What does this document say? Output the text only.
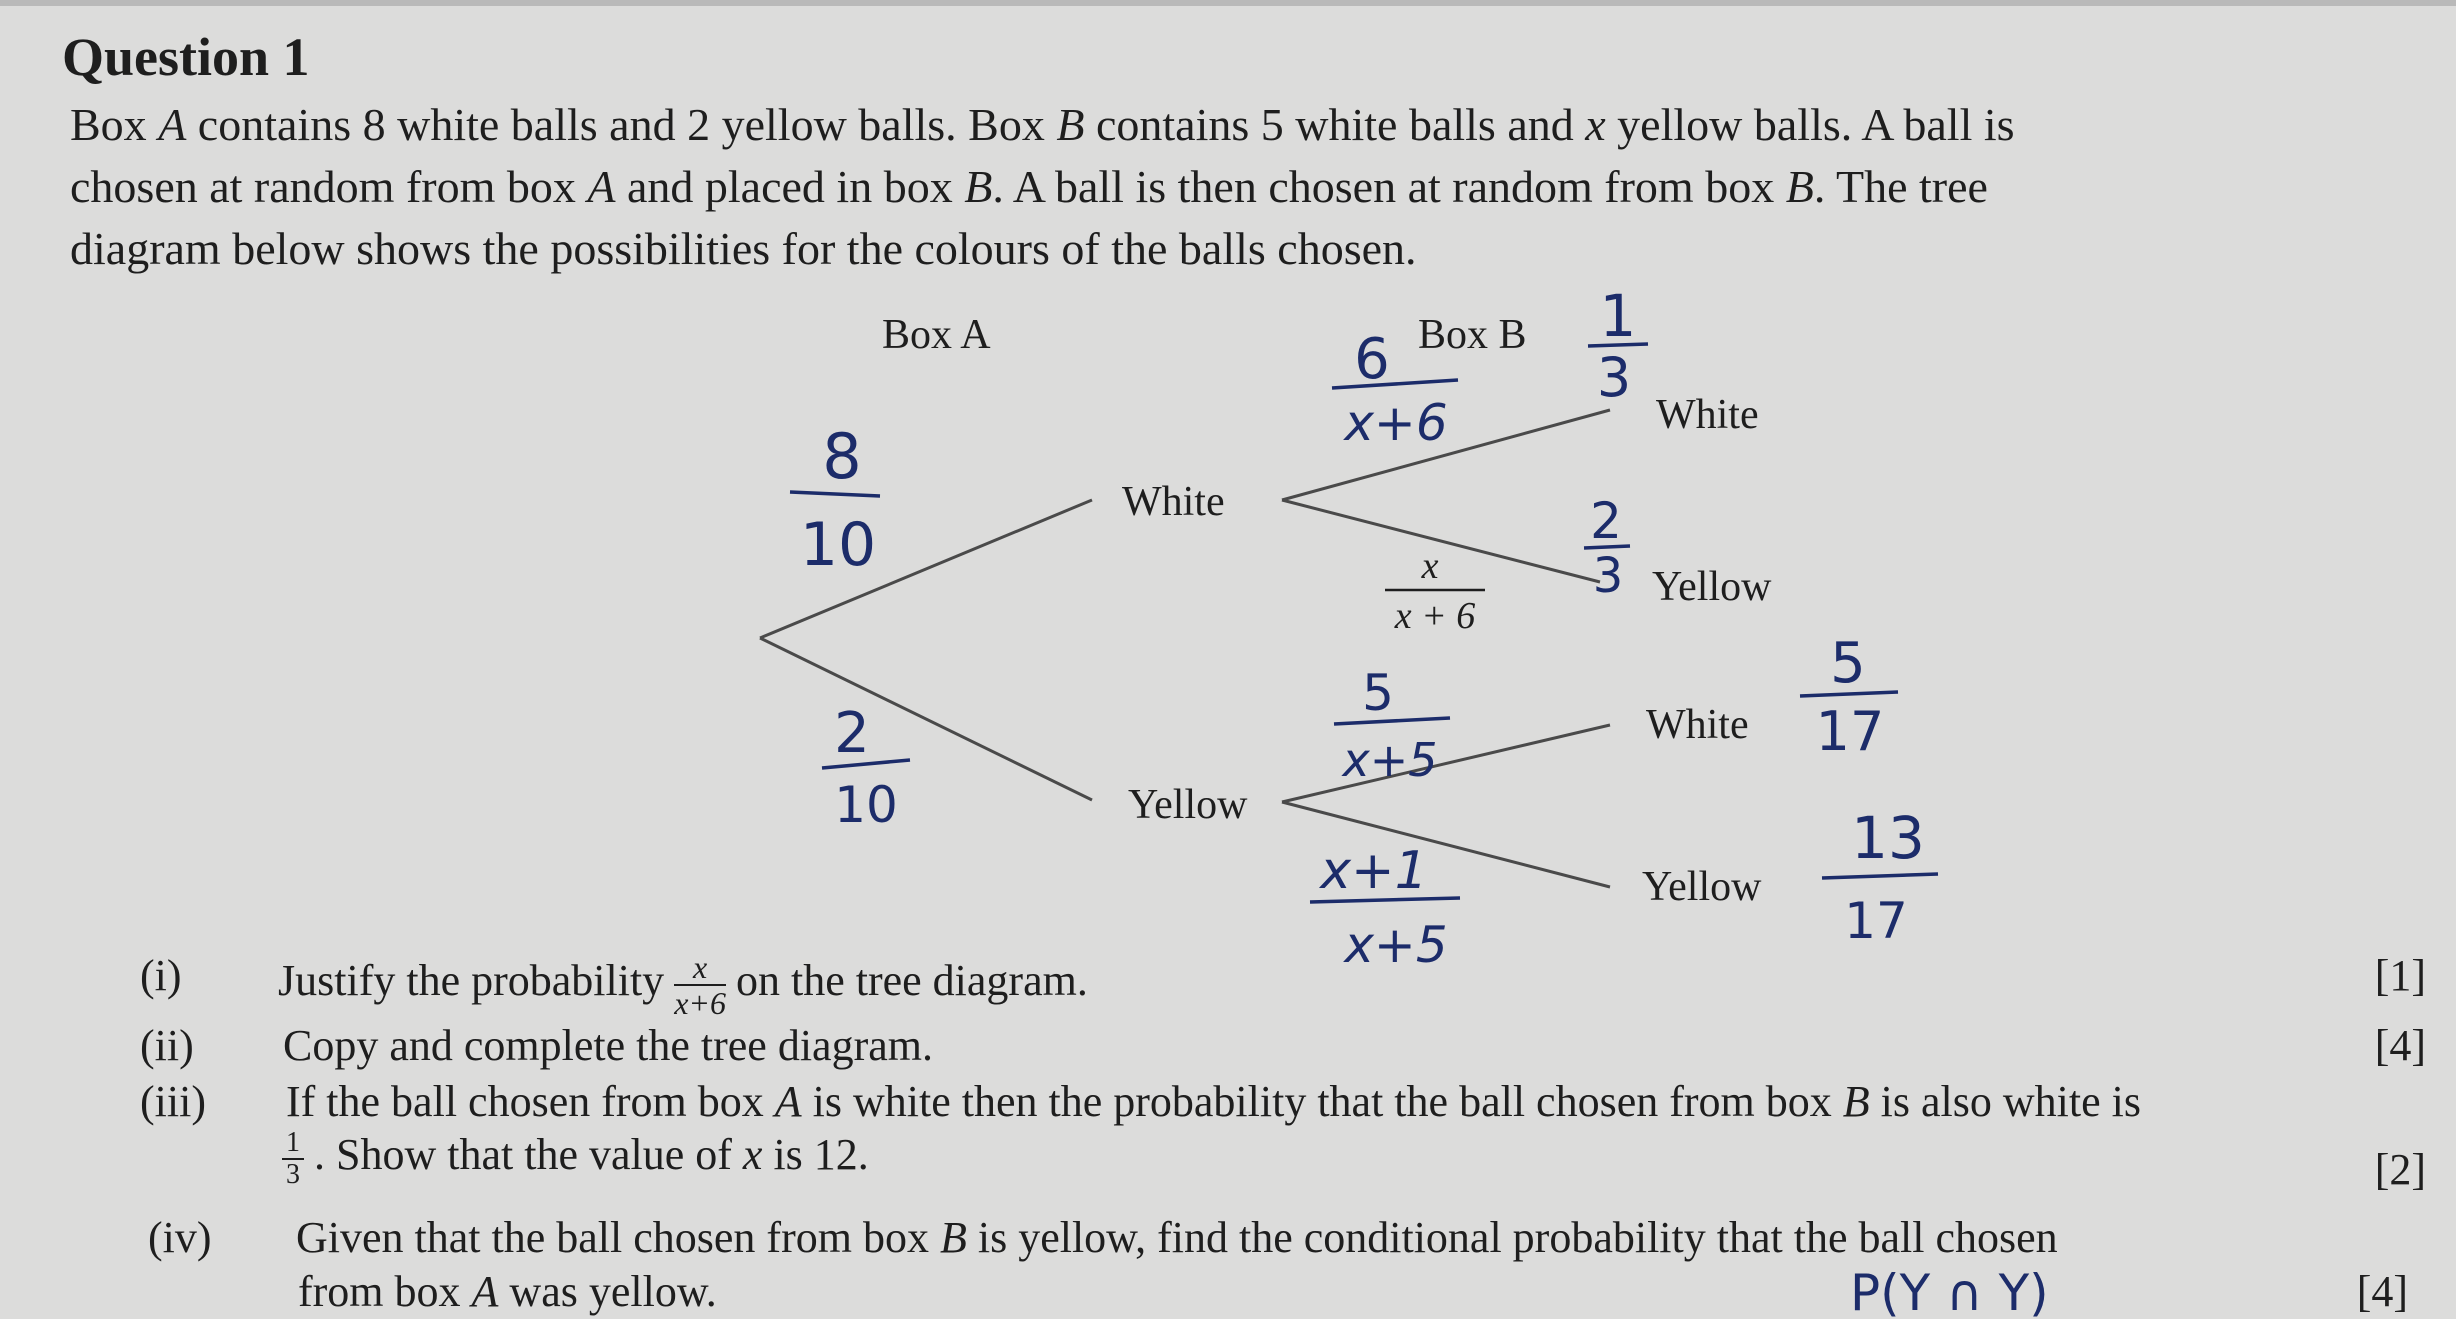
Question 1

Box A contains 8 white balls and 2 yellow balls. Box B contains 5 white balls and x yellow balls. A ball is

chosen at random from box A and placed in box B. A ball is then chosen at random from box B. The tree

diagram below shows the possibilities for the colours of the balls chosen.

Box A	Box B
White
Yellow
White
Yellow
White
Yellow
x
x + 6
8
10
2
10
6
x+6
1
3
2
3
5
x+5
5
17
x+1
x+5
13
17
P(Y ∩ Y)
(i) Justify the probability $\frac{x}{x+6}$ on the tree diagram.	[1]
(ii) Copy and complete the tree diagram.	[4]
(iii) If the ball chosen from box A is white then the probability that the ball chosen from box B is also white is
$\frac{1}{3}$ . Show that the value of x is 12.	[2]
(iv) Given that the ball chosen from box B is yellow, find the conditional probability that the ball chosen
from box A was yellow.	[4]
